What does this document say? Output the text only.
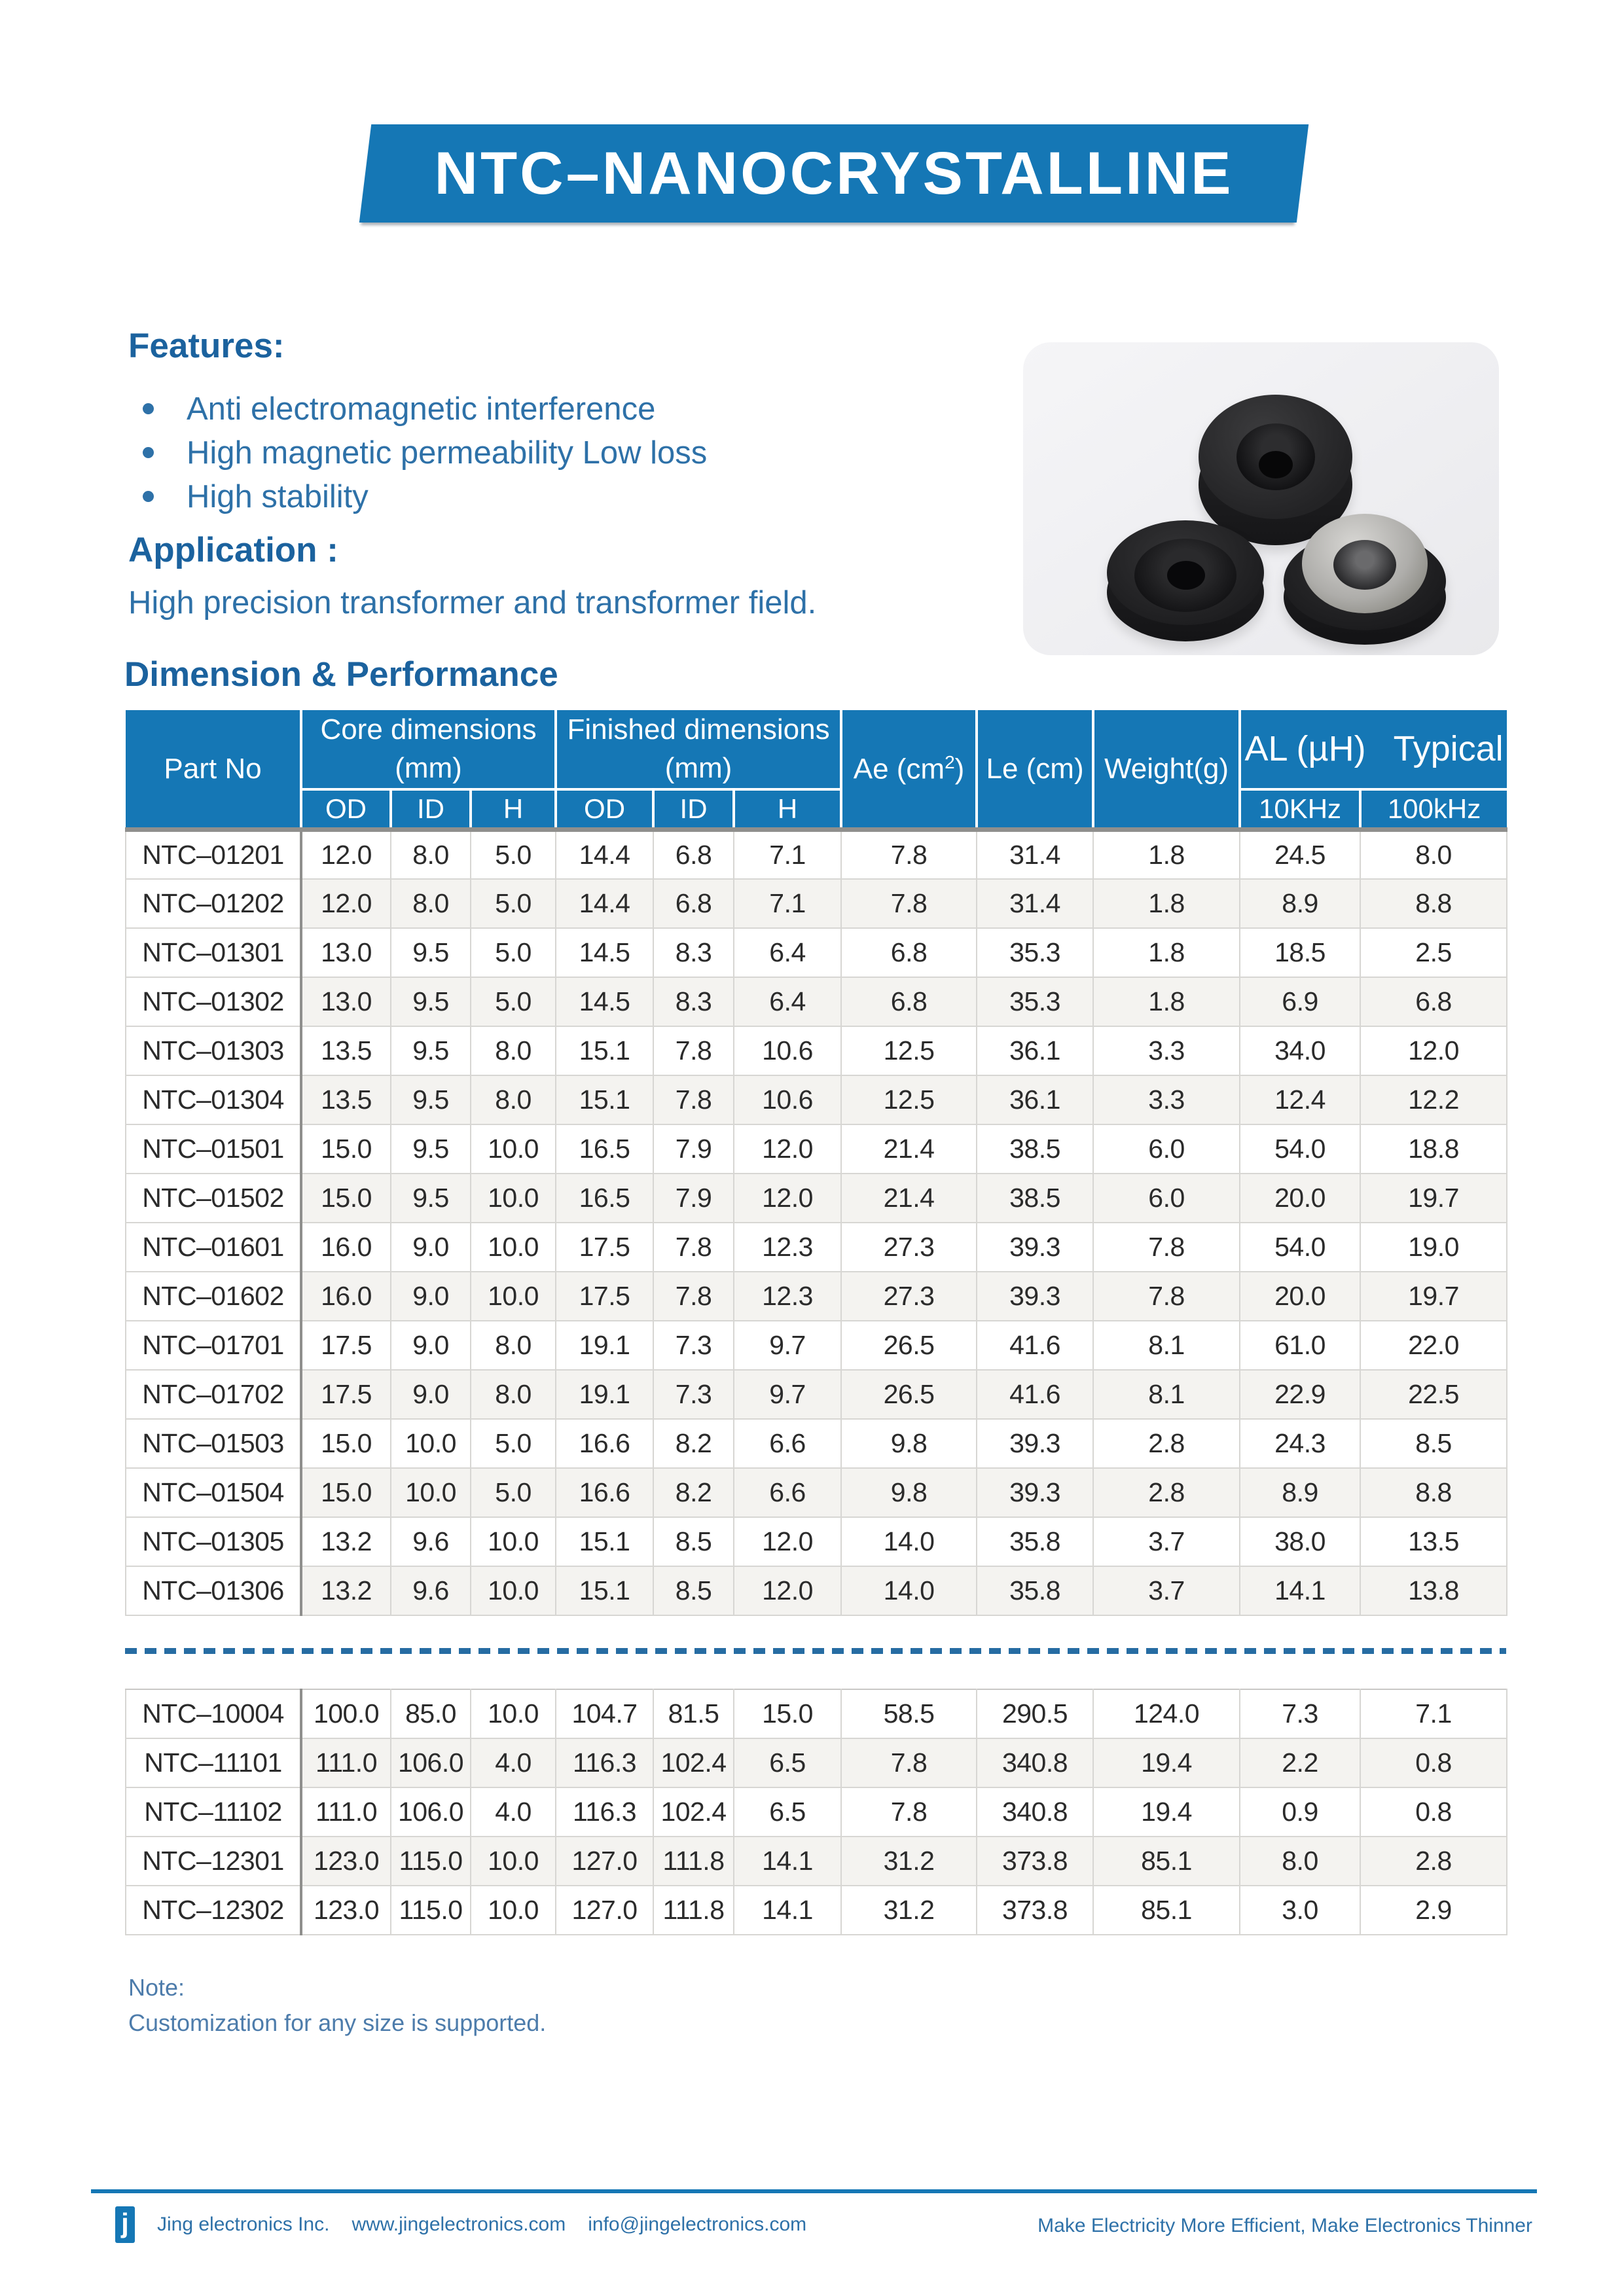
NTC–NANOCRYSTALLINE
Features:
Anti electromagnetic interference
High magnetic permeability Low loss
High stability
Application :

High precision transformer and transformer field.

Dimension & Performance
Part No	
Core dimensions
(mm)

Finished dimensions
(mm)	Ae $(cm^2)$	Le (cm)	Weight(g)	AL (µH) Typical
	OD	ID	H	OD	ID	H				10KHz	100kHz
NTC–01201	12.0	8.0	5.0	14.4	6.8	7.1	7.8	31.4	1.8	24.5	8.0
NTC–01202	12.0	8.0	5.0	14.4	6.8	7.1	7.8	31.4	1.8	8.9	8.8
NTC–01301	13.0	9.5	5.0	14.5	8.3	6.4	6.8	35.3	1.8	18.5	2.5
NTC–01302	13.0	9.5	5.0	14.5	8.3	6.4	6.8	35.3	1.8	6.9	6.8
NTC–01303	13.5	9.5	8.0	15.1	7.8	10.6	12.5	36.1	3.3	34.0	12.0
NTC–01304	13.5	9.5	8.0	15.1	7.8	10.6	12.5	36.1	3.3	12.4	12.2
NTC–01501	15.0	9.5	10.0	16.5	7.9	12.0	21.4	38.5	6.0	54.0	18.8
NTC–01502	15.0	9.5	10.0	16.5	7.9	12.0	21.4	38.5	6.0	20.0	19.7
NTC–01601	16.0	9.0	10.0	17.5	7.8	12.3	27.3	39.3	7.8	54.0	19.0
NTC–01602	16.0	9.0	10.0	17.5	7.8	12.3	27.3	39.3	7.8	20.0	19.7
NTC–01701	17.5	9.0	8.0	19.1	7.3	9.7	26.5	41.6	8.1	61.0	22.0
NTC–01702	17.5	9.0	8.0	19.1	7.3	9.7	26.5	41.6	8.1	22.9	22.5
NTC–01503	15.0	10.0	5.0	16.6	8.2	6.6	9.8	39.3	2.8	24.3	8.5
NTC–01504	15.0	10.0	5.0	16.6	8.2	6.6	9.8	39.3	2.8	8.9	8.8
NTC–01305	13.2	9.6	10.0	15.1	8.5	12.0	14.0	35.8	3.7	38.0	13.5
NTC–01306	13.2	9.6	10.0	15.1	8.5	12.0	14.0	35.8	3.7	14.1	13.8
NTC–10004	100.0	85.0	10.0	104.7	81.5	15.0	58.5	290.5	124.0	7.3	7.1
NTC–11101	111.0	106.0	4.0	116.3	102.4	6.5	7.8	340.8	19.4	2.2	0.8
NTC–11102	111.0	106.0	4.0	116.3	102.4	6.5	7.8	340.8	19.4	0.9	0.8
NTC–12301	123.0	115.0	10.0	127.0	111.8	14.1	31.2	373.8	85.1	8.0	2.8
NTC–12302	123.0	115.0	10.0	127.0	111.8	14.1	31.2	373.8	85.1	3.0	2.9
Note:
Customization for any size is supported.
j	Jing electronics Inc. www.jingelectronics.com info@jingelectronics.com	Make Electricity More Efficient, Make Electronics Thinner
